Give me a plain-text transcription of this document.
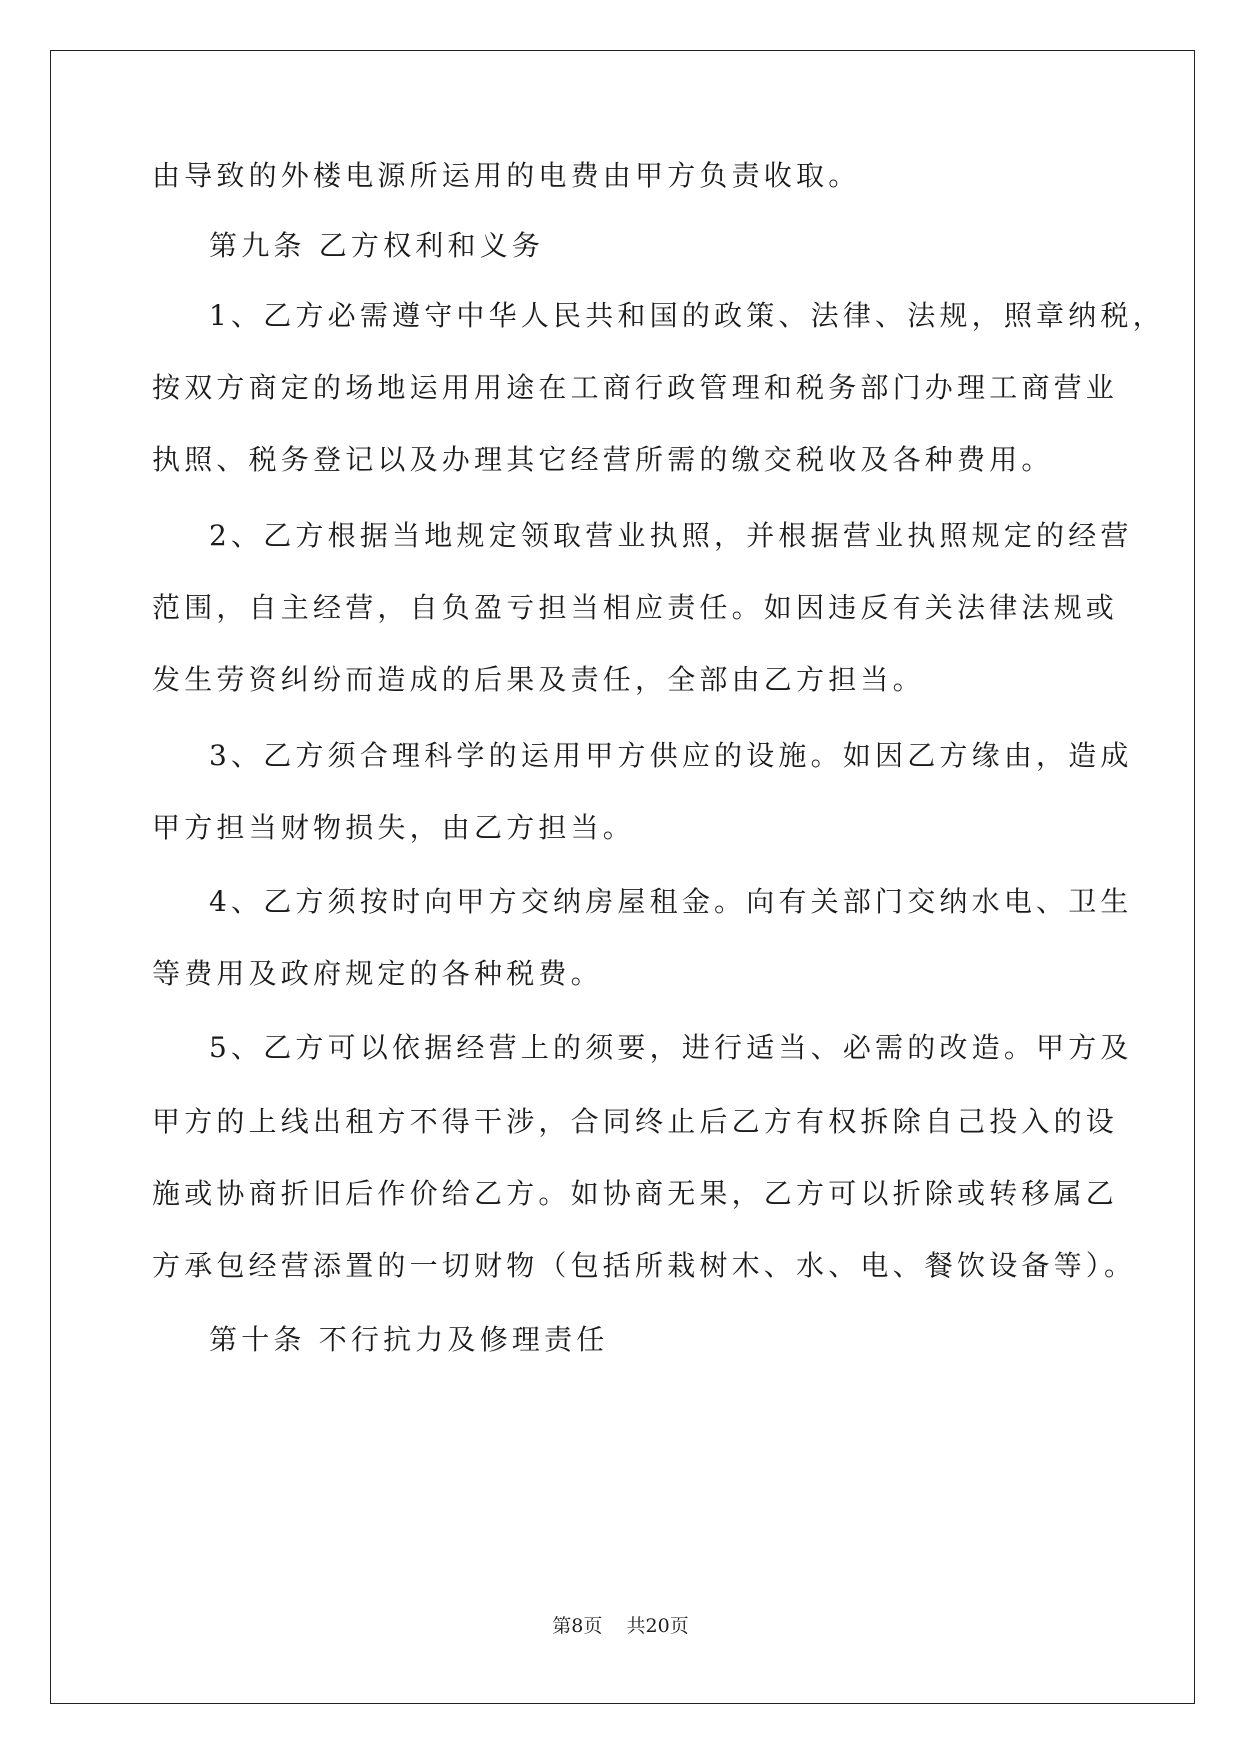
由导致的外楼电源所运用的电费由甲方负责收取。
第九条 乙方权利和义务
1、乙方必需遵守中华人民共和国的政策、法律、法规，照章纳税，
按双方商定的场地运用用途在工商行政管理和税务部门办理工商营业
执照、税务登记以及办理其它经营所需的缴交税收及各种费用。
2、乙方根据当地规定领取营业执照，并根据营业执照规定的经营
范围，自主经营，自负盈亏担当相应责任。如因违反有关法律法规或
发生劳资纠纷而造成的后果及责任，全部由乙方担当。
3、乙方须合理科学的运用甲方供应的设施。如因乙方缘由，造成
甲方担当财物损失，由乙方担当。
4、乙方须按时向甲方交纳房屋租金。向有关部门交纳水电、卫生
等费用及政府规定的各种税费。
5、乙方可以依据经营上的须要，进行适当、必需的改造。甲方及
甲方的上线出租方不得干涉，合同终止后乙方有权拆除自己投入的设
施或协商折旧后作价给乙方。如协商无果，乙方可以折除或转移属乙
方承包经营添置的一切财物（包括所栽树木、水、电、餐饮设备等）。
第十条 不行抗力及修理责任
第8页    共20页
